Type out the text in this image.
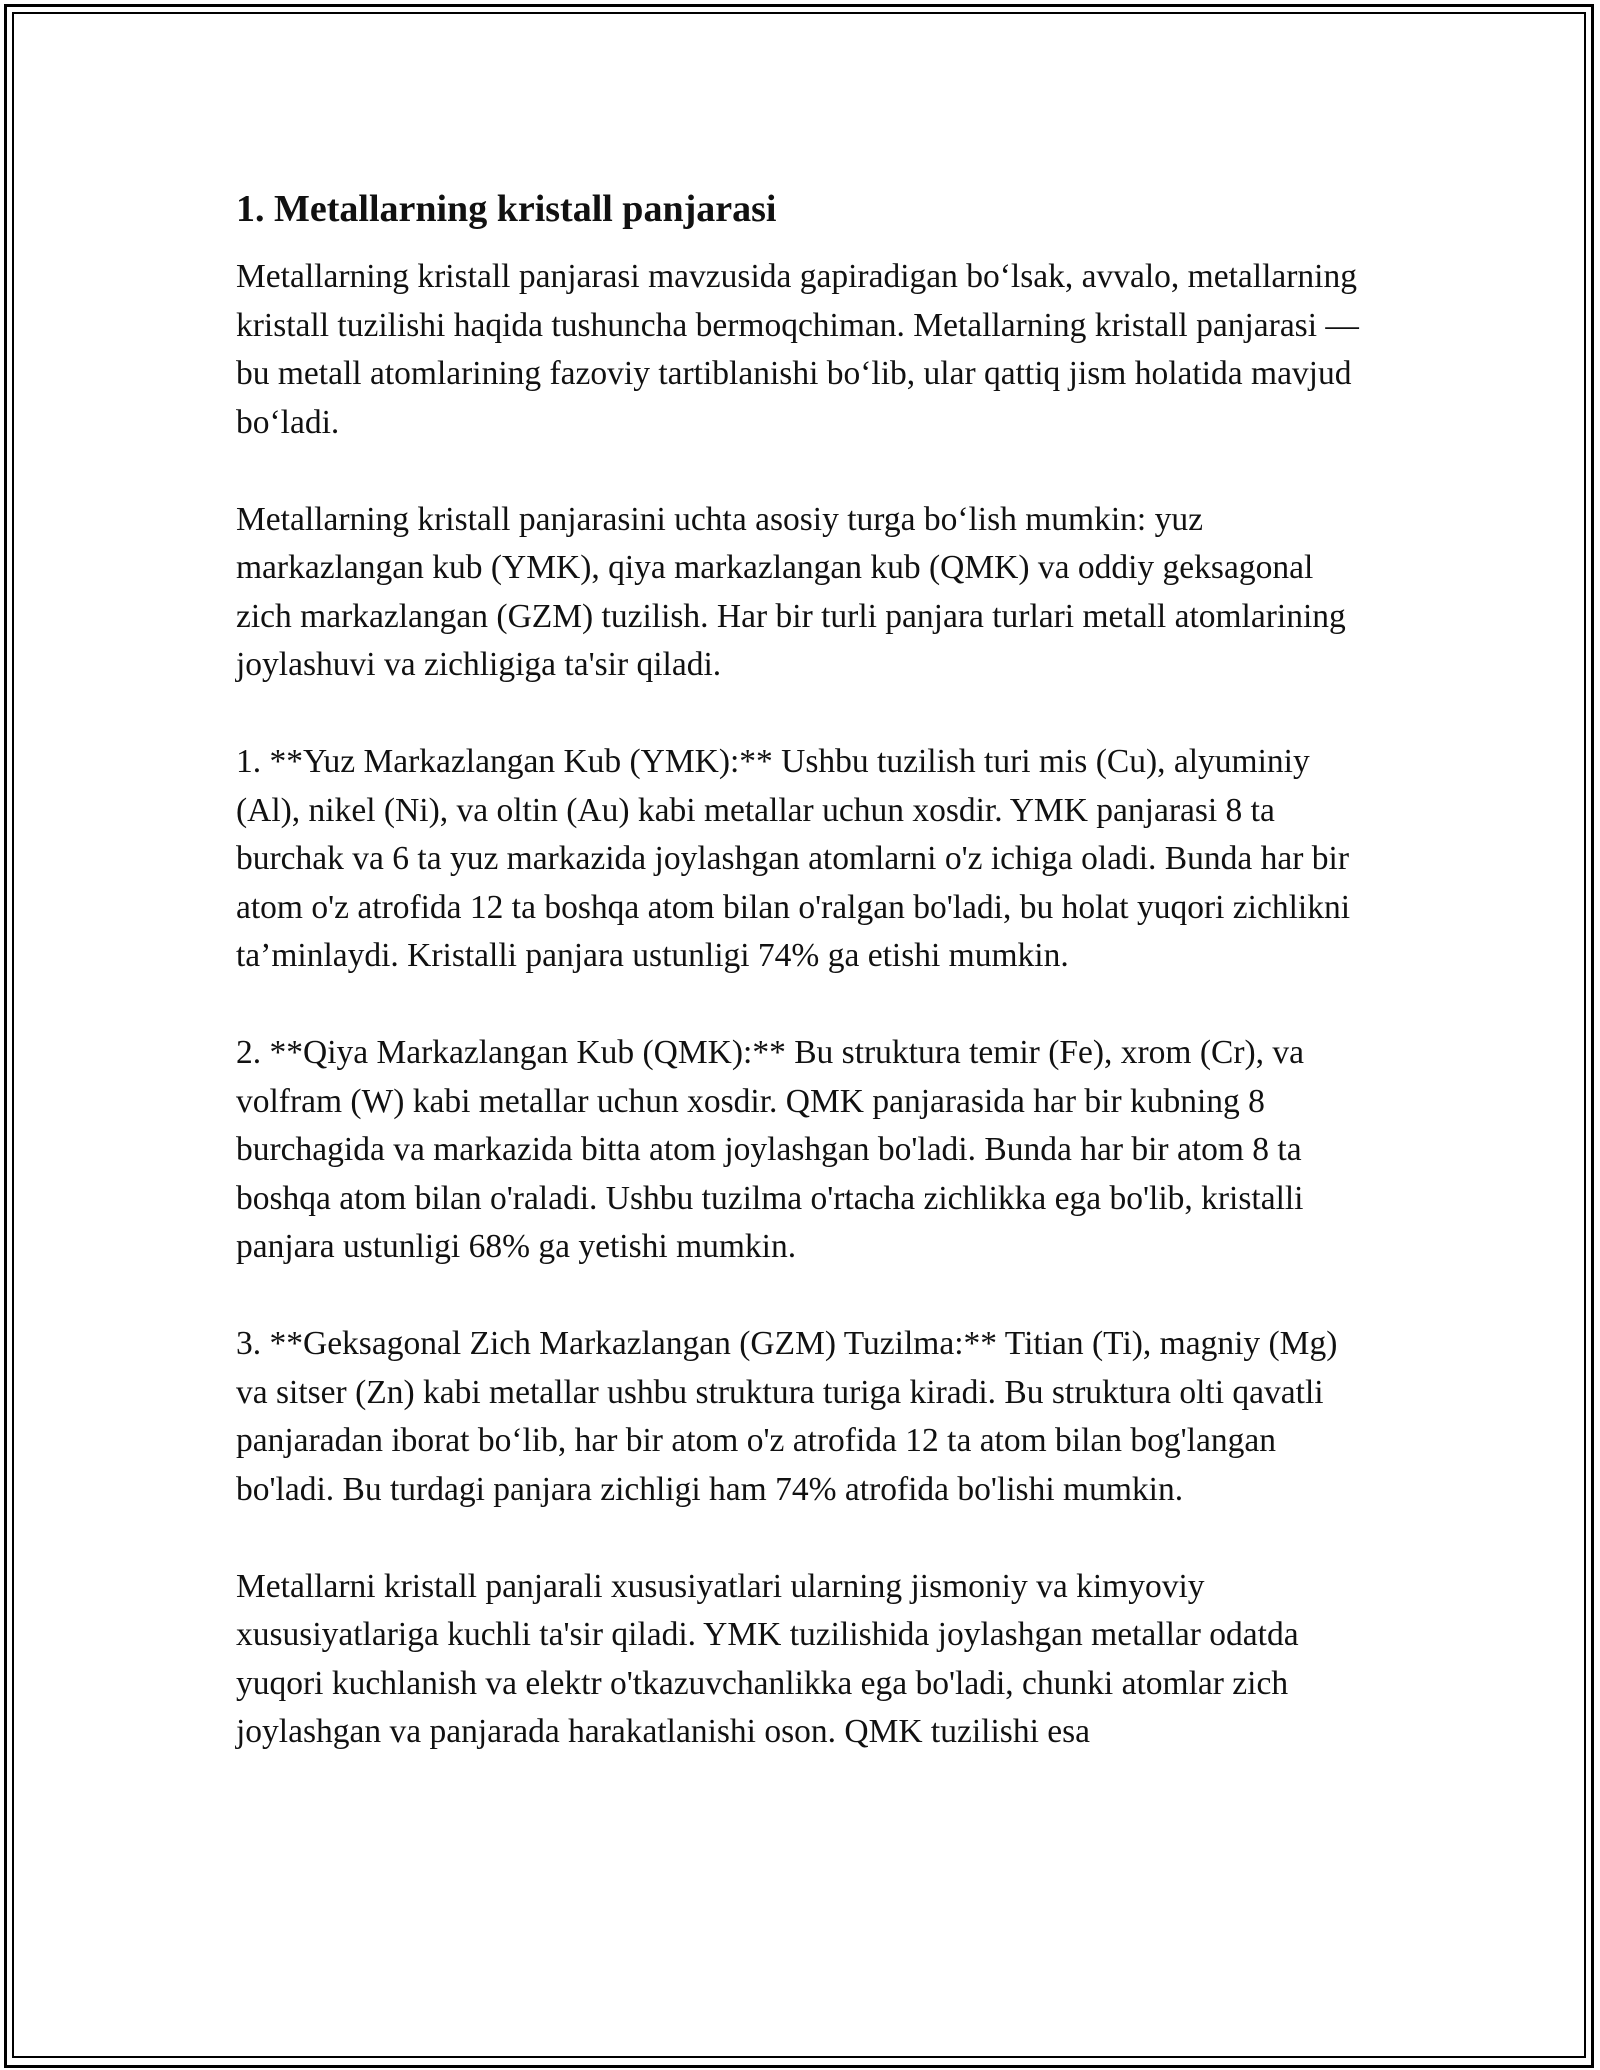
1. Metallarning kristall panjarasi

Metallarning kristall panjarasi mavzusida gapiradigan bo‘lsak, avvalo, metallarning kristall tuzilishi haqida tushuncha bermoqchiman. Metallarning kristall panjarasi — bu metall atomlarining fazoviy tartiblanishi bo‘lib, ular qattiq jism holatida mavjud bo‘ladi.

Metallarning kristall panjarasini uchta asosiy turga bo‘lish mumkin: yuz markazlangan kub (YMK), qiya markazlangan kub (QMK) va oddiy geksagonal zich markazlangan (GZM) tuzilish. Har bir turli panjara turlari metall atomlarining joylashuvi va zichligiga ta'sir qiladi.

1. **Yuz Markazlangan Kub (YMK):** Ushbu tuzilish turi mis (Cu), alyuminiy (Al), nikel (Ni), va oltin (Au) kabi metallar uchun xosdir. YMK panjarasi 8 ta burchak va 6 ta yuz markazida joylashgan atomlarni o'z ichiga oladi. Bunda har bir atom o'z atrofida 12 ta boshqa atom bilan o'ralgan bo'ladi, bu holat yuqori zichlikni ta’minlaydi. Kristalli panjara ustunligi 74% ga etishi mumkin.

2. **Qiya Markazlangan Kub (QMK):** Bu struktura temir (Fe), xrom (Cr), va volfram (W) kabi metallar uchun xosdir. QMK panjarasida har bir kubning 8 burchagida va markazida bitta atom joylashgan bo'ladi. Bunda har bir atom 8 ta boshqa atom bilan o'raladi. Ushbu tuzilma o'rtacha zichlikka ega bo'lib, kristalli panjara ustunligi 68% ga yetishi mumkin.

3. **Geksagonal Zich Markazlangan (GZM) Tuzilma:** Titian (Ti), magniy (Mg) va sitser (Zn) kabi metallar ushbu struktura turiga kiradi. Bu struktura olti qavatli panjaradan iborat bo‘lib, har bir atom o'z atrofida 12 ta atom bilan bog'langan bo'ladi. Bu turdagi panjara zichligi ham 74% atrofida bo'lishi mumkin.

Metallarni kristall panjarali xususiyatlari ularning jismoniy va kimyoviy xususiyatlariga kuchli ta'sir qiladi. YMK tuzilishida joylashgan metallar odatda yuqori kuchlanish va elektr o'tkazuvchanlikka ega bo'ladi, chunki atomlar zich joylashgan va panjarada harakatlanishi oson. QMK tuzilishi esa
